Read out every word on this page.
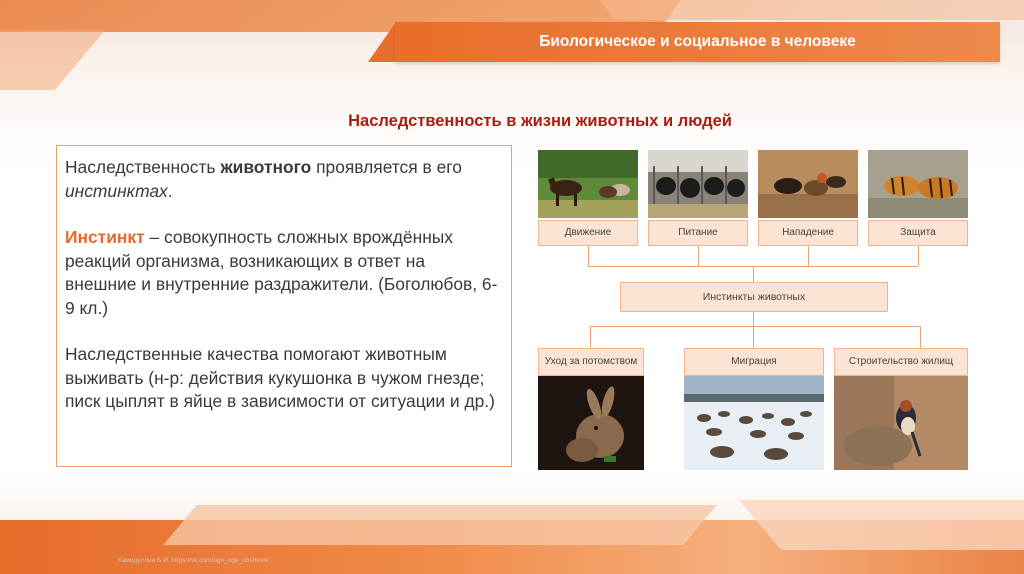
Биологическое и социальное в человеке
Наследственность в жизни животных и людей

Наследственность животного проявляется в его инстинктах.

Инстинкт – совокупность сложных врождённых реакций организма, возникающих в ответ на внешние и внутренние раздражители. (Боголюбов, 6-9 кл.)

Наследственные качества помогают животным выживать (н-р: действия кукушонка в чужом гнезде; писк цыплят в яйце в зависимости от ситуации и др.)

Движение	Питание	Нападение	Защита
Инстинкты животных
Уход за потомством	Миграция	Строительство жилищ
Камидуллин Б.И. https://vk.com/oge_oge_obshestv
